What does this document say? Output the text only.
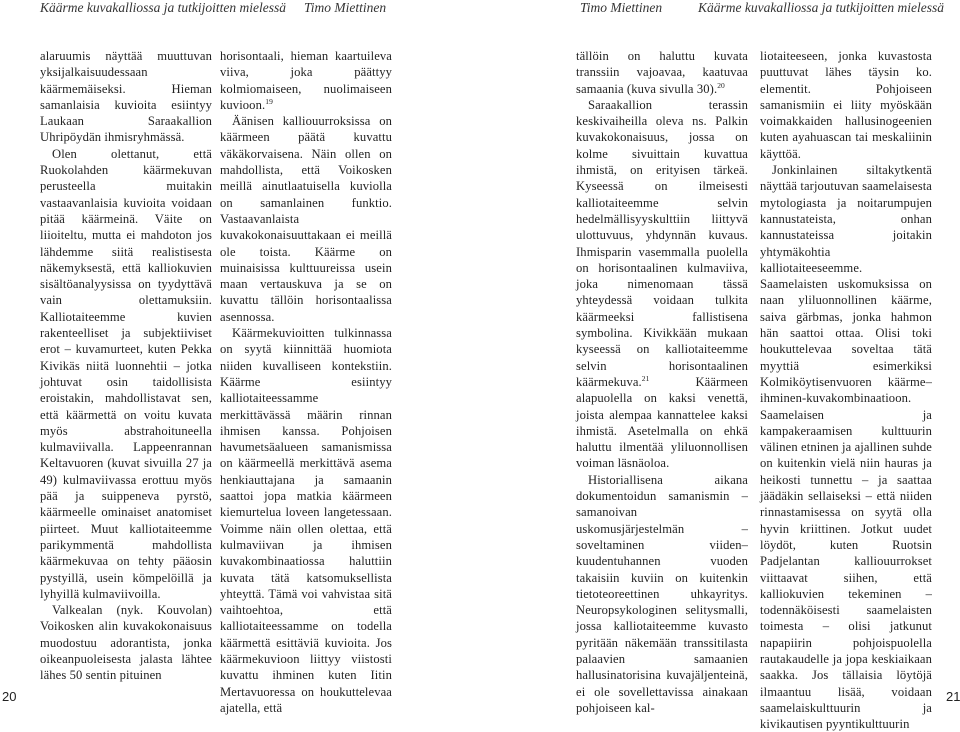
Käärme kuvakalliossa ja tutkijoitten mielessä Timo Miettinen

alaruumis näyttää muuttuvan yksijalkaisuudessaan käärmemäiseksi. Hieman samanlaisia kuvioita esiintyy Laukaan Saraakallion Uhripöydän ihmisryhmässä.

Olen olettanut, että Ruokolahden käärmekuvan perusteella muitakin vastaavanlaisia kuvioita voidaan pitää käärmeinä. Väite on liioiteltu, mutta ei mahdoton jos lähdemme siitä realistisesta näkemyksestä, että kalliokuvien sisältöanalyysissa on tyydyttävä vain olettamuksiin. Kalliotaiteemme kuvien rakenteelliset ja subjektiiviset erot – kuvamurteet, kuten Pekka Kivikäs niitä luonnehtii – jotka johtuvat osin taidollisista eroistakin, mahdollistavat sen, että käärmettä on voitu kuvata myös abstrahoituneella kulmaviivalla. Lappeenrannan Keltavuoren (kuvat sivuilla 27 ja 49) kulmaviivassa erottuu myös pää ja suippeneva pyrstö, käärmeelle ominaiset anatomiset piirteet. Muut kalliotaiteemme parikymmentä mahdollista käärmekuvaa on tehty pääosin pystyillä, usein kömpelöillä ja lyhyillä kulmaviivoilla.

Valkealan (nyk. Kouvolan) Voikosken alin kuvakokonaisuus muodostuu adorantista, jonka oikeanpuoleisesta jalasta lähtee lähes 50 sentin pituinen

horisontaali, hieman kaartuileva viiva, joka päättyy kolmiomaiseen, nuolimaiseen kuvioon.$^{19}$

Äänisen kalliouurroksissa on käärmeen päätä kuvattu väkäkorvaisena. Näin ollen on mahdollista, että Voikosken meillä ainutlaatuisella kuviolla on samanlainen funktio. Vastaavanlaista kuvakokonaisuuttakaan ei meillä ole toista. Käärme on muinaisissa kulttuureissa usein maan vertauskuva ja se on kuvattu tällöin horisontaalissa asennossa.

Käärmekuvioitten tulkinnassa on syytä kiinnittää huomiota niiden kuvalliseen kontekstiin. Käärme esiintyy kalliotaiteessamme merkittävässä määrin rinnan ihmisen kanssa. Pohjoisen havumetsäalueen samanismissa on käärmeellä merkittävä asema henkiauttajana ja samaanin saattoi jopa matkia käärmeen kiemurtelua loveen langetessaan. Voimme näin ollen olettaa, että kulmaviivan ja ihmisen kuvakombinaatiossa haluttiin kuvata tätä katsomuksellista yhteyttä. Tämä voi vahvistaa sitä vaihtoehtoa, että kalliotaiteessamme on todella käärmettä esittäviä kuvioita. Jos käärmekuvioon liittyy viistosti kuvattu ihminen kuten Iitin Mertavuoressa on houkuttelevaa ajatella, että

20
Timo Miettinen	Käärme kuvakalliossa ja tutkijoitten mielessä

tällöin on haluttu kuvata transsiin vajoavaa, kaatuvaa samaania (kuva sivulla 30).$^{20}$

Saraakallion terassin keskivaiheilla oleva ns. Palkin kuvakokonaisuus, jossa on kolme sivuittain kuvattua ihmistä, on erityisen tärkeä. Kyseessä on ilmeisesti kalliotaiteemme selvin hedelmällisyyskulttiin liittyvä ulottuvuus, yhdynnän kuvaus. Ihmisparin vasemmalla puolella on horisontaalinen kulmaviiva, joka nimenomaan tässä yhteydessä voidaan tulkita käärmeeksi fallistisena symbolina. Kivikkään mukaan kyseessä on kalliotaiteemme selvin horisontaalinen käärmekuva.$^{21}$	Käärmeen alapuolella on kaksi venettä, joista alempaa kannattelee kaksi ihmistä. Asetelmalla on ehkä haluttu ilmentää yliluonnollisen voiman läsnäoloa.

Historiallisena aikana dokumentoidun samanismin – samanoivan uskomusjärjestelmän – soveltaminen viiden–kuudentuhannen vuoden takaisiin kuviin on kuitenkin tietoteoreettinen uhkayritys. Neuropsykologinen selitysmalli, jossa kalliotaiteemme kuvasto pyritään näkemään transsitilasta palaavien samaanien hallusinatorisina kuvajäljenteinä, ei ole sovellettavissa ainakaan pohjoiseen kal-

liotaiteeseen, jonka kuvastosta puuttuvat lähes täysin ko. elementit. Pohjoiseen samanismiin ei liity myöskään voimakkaiden hallusinogeenien kuten ayahuascan tai meskaliinin käyttöä.

Jonkinlainen siltakytkentä näyttää tarjoutuvan saamelaisesta mytologiasta ja noitarumpujen kannustateista, onhan kannustateissa joitakin yhtymäkohtia kalliotaiteeseemme. Saamelaisten uskomuksissa on naan yliluonnollinen käärme, saiva gärbmas, jonka hahmon hän saattoi ottaa. Olisi toki houkuttelevaa soveltaa tätä myyttiä esimerkiksi Kolmiköytisenvuoren käärme–ihminen-kuvakombinaatioon. Saamelaisen ja kampakeraamisen kulttuurin välinen etninen ja ajallinen suhde on kuitenkin vielä niin hauras ja heikosti tunnettu – ja saattaa jäädäkin sellaiseksi – että niiden rinnastamisessa on syytä olla hyvin kriittinen. Jotkut uudet löydöt, kuten Ruotsin Padjelantan kalliouurrokset viittaavat siihen, että kalliokuvien tekeminen – todennäköisesti saamelaisten toimesta – olisi jatkunut napapiirin pohjoispuolella rautakaudelle ja jopa keskiaikaan saakka. Jos tällaisia löytöjä ilmaantuu lisää, voidaan saamelaiskulttuurin ja kivikautisen pyyntikulttuurin

21
